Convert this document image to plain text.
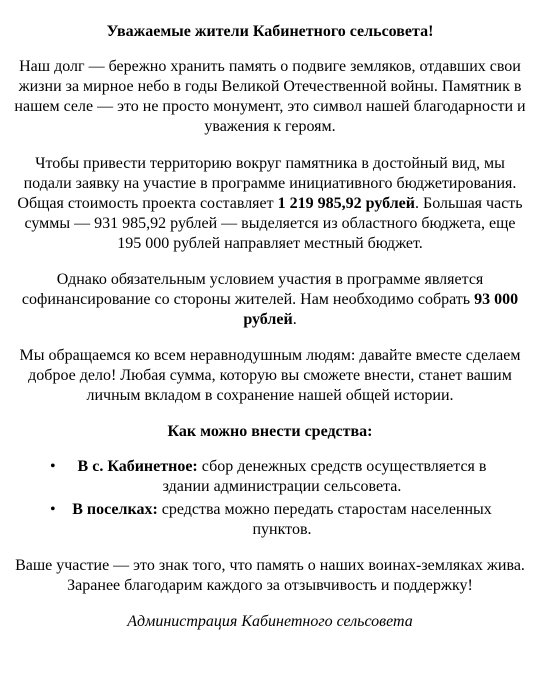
Уважаемые жители Кабинетного сельсовета!

Наш долг — бережно хранить память о подвиге земляков, отдавших свои жизни за мирное небо в годы Великой Отечественной войны. Памятник в нашем селе — это не просто монумент, это символ нашей благодарности и уважения к героям.

Чтобы привести территорию вокруг памятника в достойный вид, мы подали заявку на участие в программе инициативного бюджетирования. Общая стоимость проекта составляет 1 219 985,92 рублей. Большая часть суммы — 931 985,92 рублей — выделяется из областного бюджета, еще 195 000 рублей направляет местный бюджет.

Однако обязательным условием участия в программе является софинансирование со стороны жителей. Нам необходимо собрать 93 000 рублей.

Мы обращаемся ко всем неравнодушным людям: давайте вместе сделаем доброе дело! Любая сумма, которую вы сможете внести, станет вашим личным вкладом в сохранение нашей общей истории.

Как можно внести средства:

•	В с. Кабинетное: сбор денежных средств осуществляется в здании администрации сельсовета.
•	В поселках: средства можно передать старостам населенных пунктов.

Ваше участие — это знак того, что память о наших воинах-земляках жива. Заранее благодарим каждого за отзывчивость и поддержку!

Администрация Кабинетного сельсовета
